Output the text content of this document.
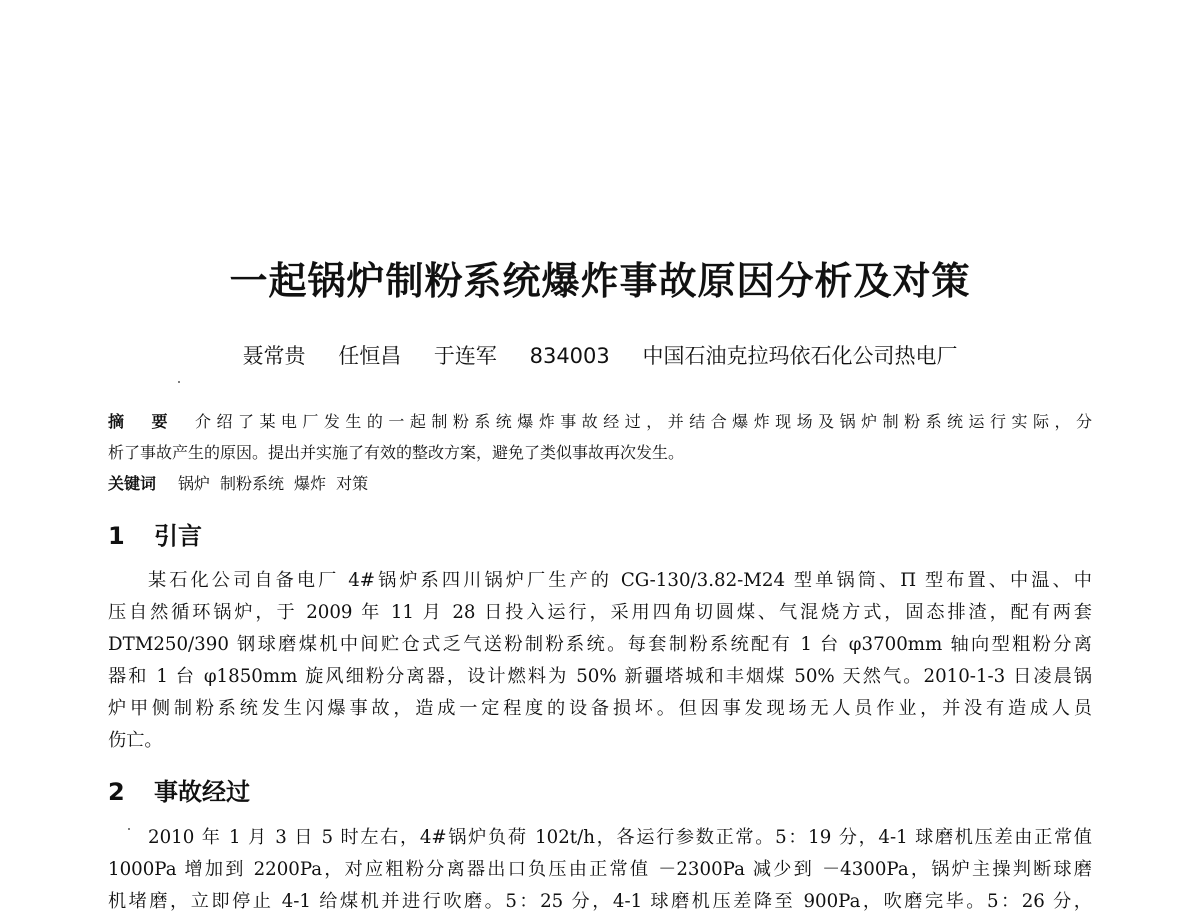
一起锅炉制粉系统爆炸事故原因分析及对策
聂常贵 任恒昌 于连军 834003 中国石油克拉玛依石化公司热电厂
摘要介绍了某电厂发生的一起制粉系统爆炸事故经过，并结合爆炸现场及锅炉制粉系统运行实际，分
析了事故产生的原因。提出并实施了有效的整改方案，避免了类似事故再次发生。
关键词 锅炉 制粉系统 爆炸 对策
1 引言
某石化公司自备电厂 4#锅炉系四川锅炉厂生产的 CG-130/3.82-M24 型单锅筒、Π 型布置、中温、中
压自然循环锅炉，于 2009 年 11 月 28 日投入运行，采用四角切圆煤、气混烧方式，固态排渣，配有两套
DTM250/390 钢球磨煤机中间贮仓式乏气送粉制粉系统。每套制粉系统配有 1 台 φ3700mm 轴向型粗粉分离
器和 1 台 φ1850mm 旋风细粉分离器，设计燃料为 50% 新疆塔城和丰烟煤 50% 天然气。2010-1-3 日凌晨锅
炉甲侧制粉系统发生闪爆事故，造成一定程度的设备损坏。但因事发现场无人员作业，并没有造成人员
伤亡。
2 事故经过
2010 年 1 月 3 日 5 时左右，4#锅炉负荷 102t/h，各运行参数正常。5：19 分，4-1 球磨机压差由正常值
1000Pa 增加到 2200Pa，对应粗粉分离器出口负压由正常值 －2300Pa 减少到 －4300Pa，锅炉主操判断球磨
机堵磨，立即停止 4-1 给煤机并进行吹磨。5：25 分，4-1 球磨机压差降至 900Pa，吹磨完毕。5：26 分，
